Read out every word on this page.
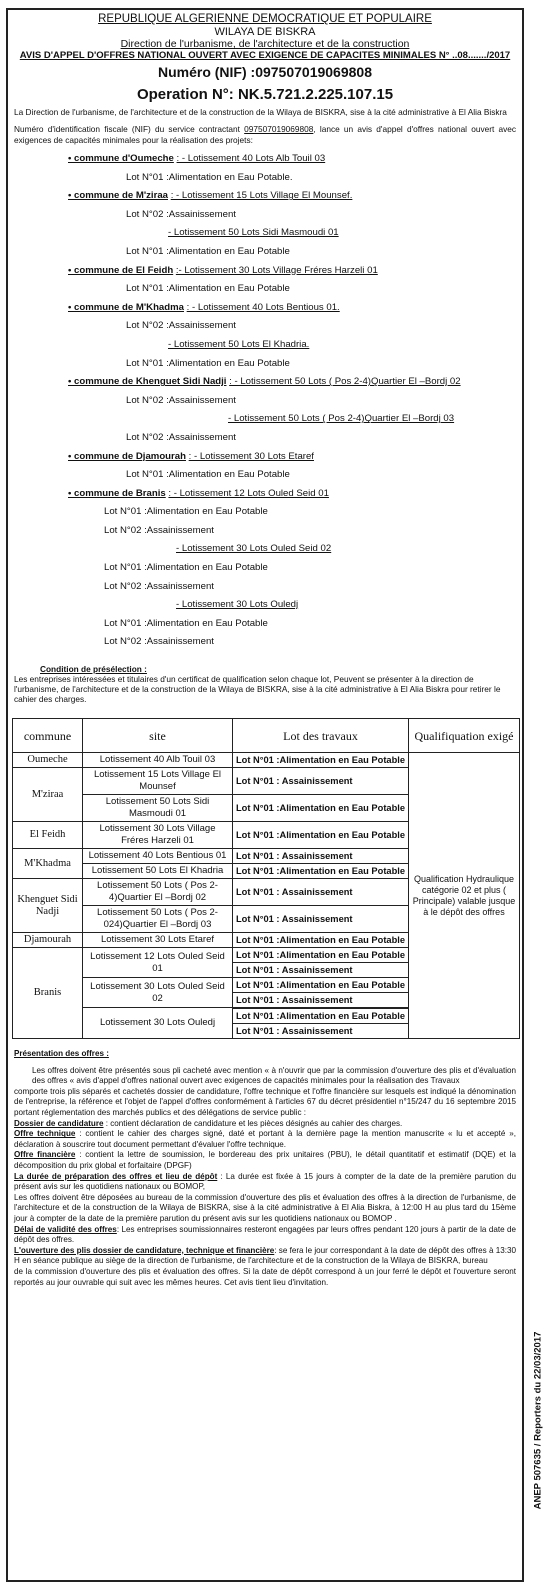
REPUBLIQUE ALGERIENNE DEMOCRATIQUE ET POPULAIRE
WILAYA DE BISKRA
Direction de l'urbanisme, de l'architecture et de la construction
AVIS D'APPEL D'OFFRES NATIONAL OUVERT AVEC EXIGENCE DE CAPACITES MINIMALES N° ..08......./2017
Numéro (NIF) :097507019069808
Operation N°: NK.5.721.2.225.107.15
La Direction de l'urbanisme, de l'architecture et de la construction de la Wilaya de BISKRA, sise à la cité administrative à El Alia Biskra
Numéro d'identification fiscale (NIF) du service contractant 097507019069808, lance un avis d'appel d'offres national ouvert avec exigences de capacités minimales pour la réalisation des projets:
• commune d'Oumeche : - Lotissement 40 Lots Alb Touil 03
Lot N°01 :Alimentation en Eau Potable.
• commune de M'ziraa : - Lotissement 15 Lots Village El Mounsef.
Lot N°02 :Assainissement
- Lotissement 50 Lots Sidi Masmoudi 01
Lot N°01 :Alimentation en Eau Potable
• commune de El Feidh :- Lotissement 30 Lots Village Fréres Harzeli 01
Lot N°01 :Alimentation en Eau Potable
• commune de M'Khadma : - Lotissement 40 Lots Bentious 01.
Lot N°02 :Assainissement
- Lotissement 50 Lots El Khadria.
Lot N°01 :Alimentation en Eau Potable
• commune de Khenguet Sidi Nadji : - Lotissement 50 Lots ( Pos 2-4)Quartier El –Bordj 02
Lot N°02 :Assainissement
- Lotissement 50 Lots ( Pos 2-4)Quartier El –Bordj 03
Lot N°02 :Assainissement
• commune de Djamourah : - Lotissement 30 Lots Etaref
Lot N°01 :Alimentation en Eau Potable
• commune de Branis : - Lotissement 12 Lots Ouled Seid 01
Lot N°01 :Alimentation en Eau Potable
Lot N°02 :Assainissement
- Lotissement 30 Lots Ouled Seid 02
Lot N°01 :Alimentation en Eau Potable
Lot N°02 :Assainissement
- Lotissement 30 Lots Ouledj
Lot N°01 :Alimentation en Eau Potable
Lot N°02 :Assainissement
Condition de présélection :
Les entreprises intéressées et titulaires d'un certificat de qualification selon chaque lot, Peuvent se présenter à la direction de l'urbanisme, de l'architecture et de la construction de la Wilaya de BISKRA, sise à la cité administrative à El Alia Biskra pour retirer le cahier des charges.
commune	site	Lot des travaux	Qualifiquation exigé
Oumeche	Lotissement 40 Alb Touil 03	Lot N°01 :Alimentation en Eau Potable	Qualification Hydraulique catégorie 02 et plus ( Principale) valable jusque à le dépôt des offres
M'ziraa	Lotissement 15 Lots Village El Mounsef	Lot N°01 : Assainissement	
	Lotissement 50 Lots Sidi Masmoudi 01	Lot N°01 :Alimentation en Eau Potable	
El Feidh	Lotissement 30 Lots Village Fréres Harzeli 01	Lot N°01 :Alimentation en Eau Potable	
M'Khadma	Lotissement 40 Lots Bentious 01	Lot N°01 : Assainissement	
	Lotissement 50 Lots El Khadria	Lot N°01 :Alimentation en Eau Potable	
Khenguet Sidi Nadji	Lotissement 50 Lots ( Pos 2-4)Quartier El –Bordj 02	Lot N°01 : Assainissement	
	Lotissement 50 Lots ( Pos 2-024)Quartier El –Bordj 03	Lot N°01 : Assainissement	
Djamourah	Lotissement 30 Lots Etaref	Lot N°01 :Alimentation en Eau Potable	
Branis	Lotissement 12 Lots Ouled Seid 01	Lot N°01 :Alimentation en Eau Potable	
		Lot N°01 : Assainissement	
	Lotissement 30 Lots Ouled Seid 02	Lot N°01 :Alimentation en Eau Potable	
		Lot N°01 : Assainissement	
	Lotissement 30 Lots Ouledj		
		Lot N°01 :Alimentation en Eau Potable	
		Lot N°01 : Assainissement	
Présentation des offres :
Les offres doivent être présentés sous pli cacheté avec mention « à n'ouvrir que par la commission d'ouverture des plis et d'évaluation des offres « avis d'appel d'offres national ouvert avec exigences de capacités minimales pour la réalisation des Travaux
comporte trois plis séparés et cachetés dossier de candidature, l'offre technique et l'offre financière sur lesquels est indiqué la dénomination de l'entreprise, la référence et l'objet de l'appel d'offres conformément à l'articles 67 du décret présidentiel n°15/247 du 16 septembre 2015 portant réglementation des marchés publics et des délégations de service public :
Dossier de candidature : contient déclaration de candidature et les pièces désignés au cahier des charges.
Offre technique : contient le cahier des charges signé, daté et portant à la dernière page la mention manuscrite « lu et accepté », déclaration à souscrire tout document permettant d'évaluer l'offre technique.
Offre financière : contient la lettre de soumission, le bordereau des prix unitaires (PBU), le détail quantitatif et estimatif (DQE) et la décomposition du prix global et forfaitaire (DPGF)
La durée de préparation des offres et lieu de dépôt : La durée est fixée à 15 jours à compter de la date de la première parution du présent avis sur les quotidiens nationaux ou BOMOP,
Les offres doivent être déposées au bureau de la commission d'ouverture des plis et évaluation des offres à la direction de l'urbanisme, de l'architecture et de la construction de la Wilaya de BISKRA, sise à la cité administrative à El Alia Biskra, à 12:00 H au plus tard du 15ème jour à compter de la date de la première parution du présent avis sur les quotidiens nationaux ou BOMOP .
Délai de validité des offres: Les entreprises soumissionnaires resteront engagées par leurs offres pendant 120 jours à partir de la date de dépôt des offres.
L'ouverture des plis dossier de candidature, technique et financière: se fera le jour correspondant à la date de dépôt des offres à 13:30 H en séance publique au siège de la direction de l'urbanisme, de l'architecture et de la construction de la Wilaya de BISKRA, bureau
de la commission d'ouverture des plis et évaluation des offres. Si la date de dépôt correspond à un jour ferré le dépôt et l'ouverture seront reportés au jour ouvrable qui suit avec les mêmes heures. Cet avis tient lieu d'invitation.
ANEP 507635 / Reporters du 22/03/2017
